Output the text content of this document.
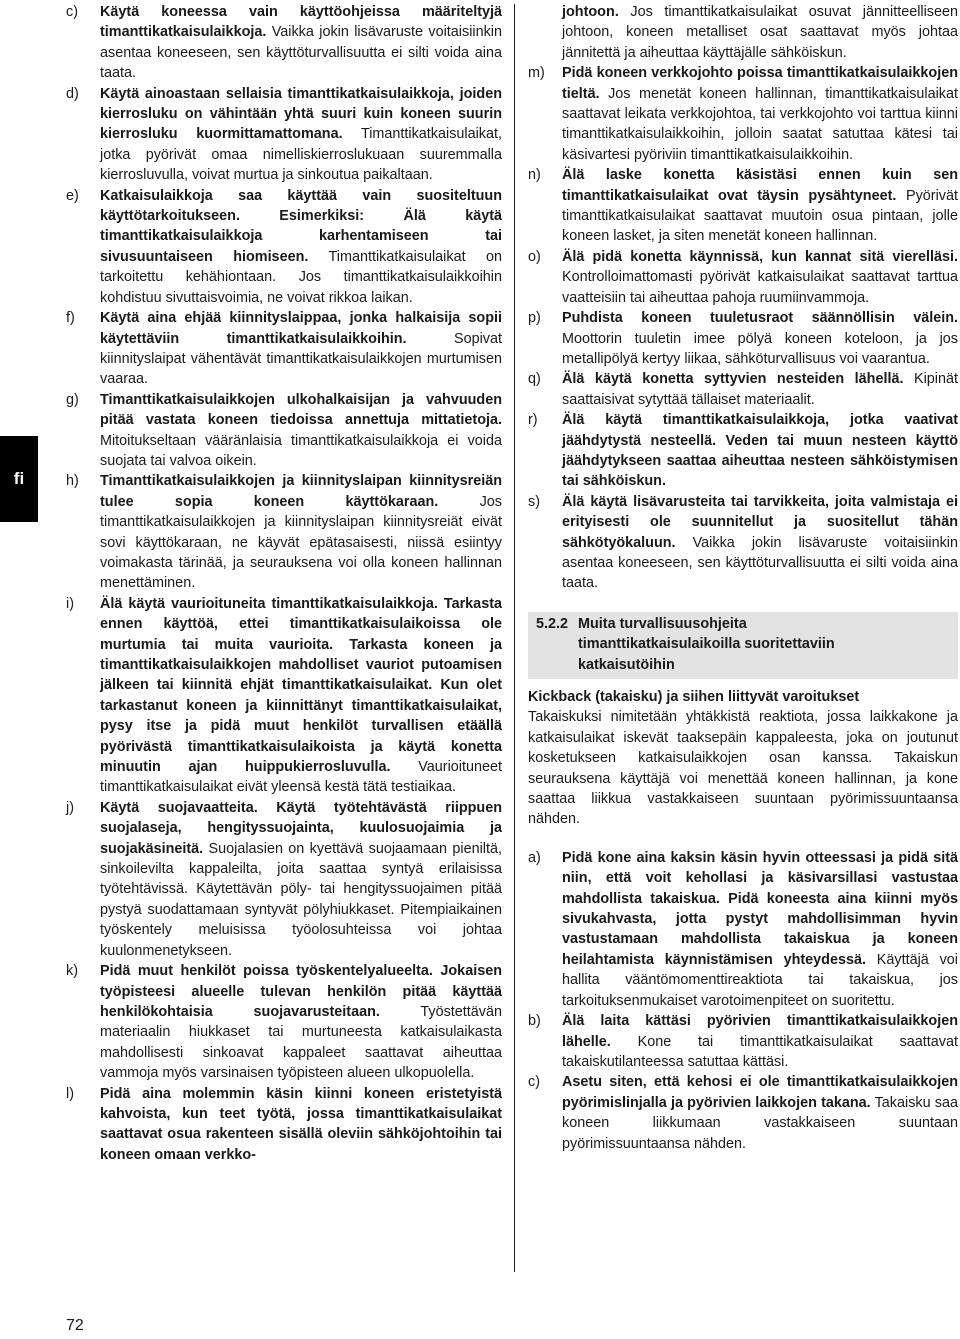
fi
c)	Käytä koneessa vain käyttöohjeissa määriteltyjä timanttikatkaisulaikkoja. Vaikka jokin lisävaruste voitaisiinkin asentaa koneeseen, sen käyttöturvallisuutta ei silti voida aina taata.
d)	Käytä ainoastaan sellaisia timanttikatkaisulaikkoja, joiden kierrosluku on vähintään yhtä suuri kuin koneen suurin kierrosluku kuormittamattomana. Timanttikatkaisulaikat, jotka pyörivät omaa nimelliskierroslukuaan suuremmalla kierrosluvulla, voivat murtua ja sinkoutua paikaltaan.
e)	Katkaisulaikkoja saa käyttää vain suositeltuun käyttötarkoitukseen. Esimerkiksi: Älä käytä timanttikatkaisulaikkoja karhentamiseen tai sivusuuntaiseen hiomiseen. Timanttikatkaisulaikat on tarkoitettu kehähiontaan. Jos timanttikatkaisulaikkoihin kohdistuu sivuttaisvoimia, ne voivat rikkoa laikan.
f)	Käytä aina ehjää kiinnityslaippaa, jonka halkaisija sopii käytettäviin timanttikatkaisulaikkoihin. Sopivat kiinnityslaipat vähentävät timanttikatkaisulaikkojen murtumisen vaaraa.
g)	Timanttikatkaisulaikkojen ulkohalkaisijan ja vahvuuden pitää vastata koneen tiedoissa annettuja mittatietoja. Mitoitukseltaan vääränlaisia timanttikatkaisulaikkoja ei voida suojata tai valvoa oikein.
h)	Timanttikatkaisulaikkojen ja kiinnityslaipan kiinnitysreiän tulee sopia koneen käyttökaraan. Jos timanttikatkaisulaikkojen ja kiinnityslaipan kiinnitysreiät eivät sovi käyttökaraan, ne käyvät epätasaisesti, niissä esiintyy voimakasta tärinää, ja seurauksena voi olla koneen hallinnan menettäminen.
i)	Älä käytä vaurioituneita timanttikatkaisulaikkoja. Tarkasta ennen käyttöä, ettei timanttikatkaisulaikoissa ole murtumia tai muita vaurioita. Tarkasta koneen ja timanttikatkaisulaikkojen mahdolliset vauriot putoamisen jälkeen tai kiinnitä ehjät timanttikatkaisulaikat. Kun olet tarkastanut koneen ja kiinnittänyt timanttikatkaisulaikat, pysy itse ja pidä muut henkilöt turvallisen etäällä pyörivästä timanttikatkaisulaikoista ja käytä konetta minuutin ajan huippukierrosluvulla. Vaurioituneet timanttikatkaisulaikat eivät yleensä kestä tätä testiaikaa.
j)	Käytä suojavaatteita. Käytä työtehtävästä riippuen suojalaseja, hengityssuojainta, kuulosuojaimia ja suojakäsineitä. Suojalasien on kyettävä suojaamaan pieniltä, sinkoilevilta kappaleilta, joita saattaa syntyä erilaisissa työtehtävissä. Käytettävän pöly- tai hengityssuojaimen pitää pystyä suodattamaan syntyvät pölyhiukkaset. Pitempiaikainen työskentely meluisissa työolosuhteissa voi johtaa kuulonmenetykseen.
k)	Pidä muut henkilöt poissa työskentelyalueelta. Jokaisen työpisteesi alueelle tulevan henkilön pitää käyttää henkilökohtaisia suojavarusteitaan. Työstettävän materiaalin hiukkaset tai murtuneesta katkaisulaikasta mahdollisesti sinkoavat kappaleet saattavat aiheuttaa vammoja myös varsinaisen työpisteen alueen ulkopuolella.
l)	Pidä aina molemmin käsin kiinni koneen eristetyistä kahvoista, kun teet työtä, jossa timanttikatkaisulaikat saattavat osua rakenteen sisällä oleviin sähköjohtoihin tai koneen omaan verkko-

johtoon. Jos timanttikatkaisulaikat osuvat jännitteelliseen johtoon, koneen metalliset osat saattavat myös johtaa jännitettä ja aiheuttaa käyttäjälle sähköiskun.

m)	Pidä koneen verkkojohto poissa timanttikatkaisulaikkojen tieltä. Jos menetät koneen hallinnan, timanttikatkaisulaikat saattavat leikata verkkojohtoa, tai verkkojohto voi tarttua kiinni timanttikatkaisulaikkoihin, jolloin saatat satuttaa kätesi tai käsivartesi pyöriviin timanttikatkaisulaikkoihin.
n)	Älä laske konetta käsistäsi ennen kuin sen timanttikatkaisulaikat ovat täysin pysähtyneet. Pyörivät timanttikatkaisulaikat saattavat muutoin osua pintaan, jolle koneen lasket, ja siten menetät koneen hallinnan.
o)	Älä pidä konetta käynnissä, kun kannat sitä vierelläsi. Kontrolloimattomasti pyörivät katkaisulaikat saattavat tarttua vaatteisiin tai aiheuttaa pahoja ruumiinvammoja.
p)	Puhdista koneen tuuletusraot säännöllisin välein. Moottorin tuuletin imee pölyä koneen koteloon, ja jos metallipölyä kertyy liikaa, sähköturvallisuus voi vaarantua.
q)	Älä käytä konetta syttyvien nesteiden lähellä. Kipinät saattaisivat sytyttää tällaiset materiaalit.
r)	Älä käytä timanttikatkaisulaikkoja, jotka vaativat jäähdytystä nesteellä. Veden tai muun nesteen käyttö jäähdytykseen saattaa aiheuttaa nesteen sähköistymisen tai sähköiskun.
s)	Älä käytä lisävarusteita tai tarvikkeita, joita valmistaja ei erityisesti ole suunnitellut ja suositellut tähän sähkötyökaluun. Vaikka jokin lisävaruste voitaisiinkin asentaa koneeseen, sen käyttöturvallisuutta ei silti voida aina taata.
5.2.2 Muita turvallisuusohjeita
timanttikatkaisulaikoilla suoritettaviin
katkaisutöihin

Kickback (takaisku) ja siihen liittyvät varoitukset

Takaiskuksi nimitetään yhtäkkistä reaktiota, jossa laikkakone ja katkaisulaikat iskevät taaksepäin kappaleesta, joka on joutunut kosketukseen katkaisulaikkojen osan kanssa. Takaiskun seurauksena käyttäjä voi menettää koneen hallinnan, ja kone saattaa liikkua vastakkaiseen suuntaan pyörimissuuntaansa nähden.

a)	Pidä kone aina kaksin käsin hyvin otteessasi ja pidä sitä niin, että voit kehollasi ja käsivarsillasi vastustaa mahdollista takaiskua. Pidä koneesta aina kiinni myös sivukahvasta, jotta pystyt mahdollisimman hyvin vastustamaan mahdollista takaiskua ja koneen heilahtamista käynnistämisen yhteydessä. Käyttäjä voi hallita vääntömomenttireaktiota tai takaiskua, jos tarkoituksenmukaiset varotoimenpiteet on suoritettu.
b)	Älä laita kättäsi pyörivien timanttikatkaisulaikkojen lähelle. Kone tai timanttikatkaisulaikat saattavat takaiskutilanteessa satuttaa kättäsi.
c)	Asetu siten, että kehosi ei ole timanttikatkaisulaikkojen pyörimislinjalla ja pyörivien laikkojen takana. Takaisku saa koneen liikkumaan vastakkaiseen suuntaan pyörimissuuntaansa nähden.
72
